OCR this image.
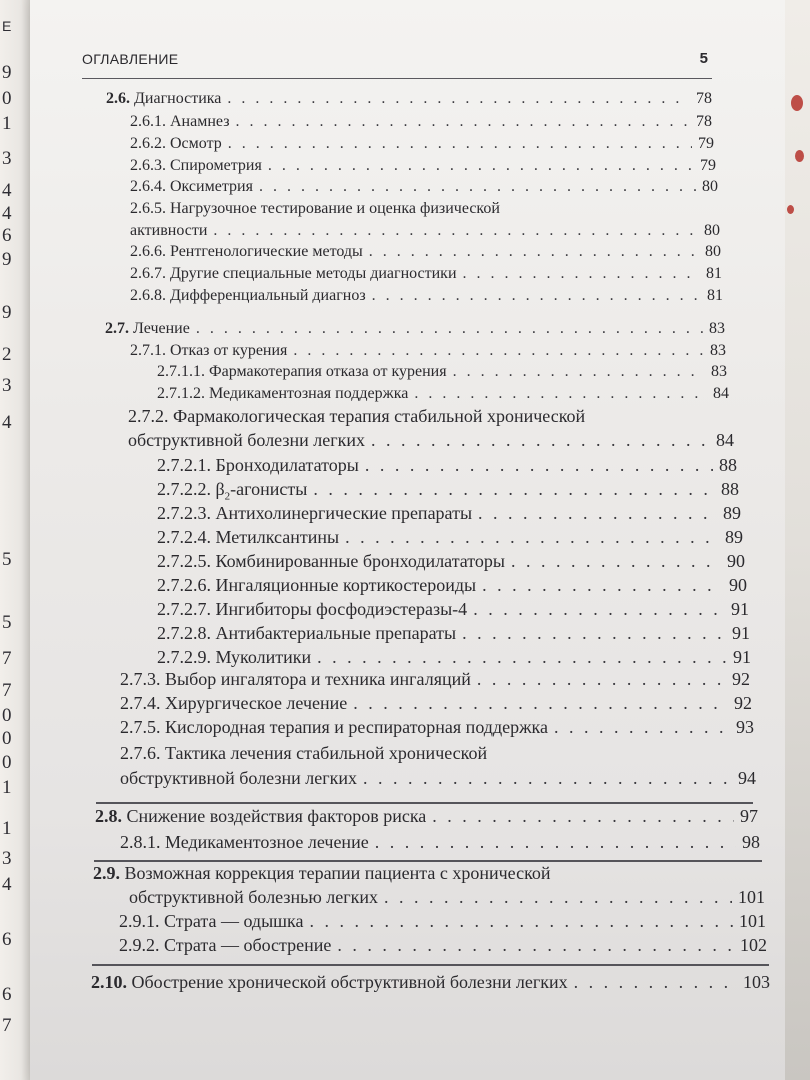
Е
9
0
1
3
4
4
6
9
9
2
3
4
5
5
7
7
0
0
0
1
1
3
4
6
6
7
ОГЛАВЛЕНИЕ	5
2.6. Диагностика . . .	78
2.6.1. Анамнез . . .	78
2.6.2. Осмотр . . .	79
2.6.3. Спирометрия . . .	79
2.6.4. Оксиметрия . . .	80
2.6.5. Нагрузочное тестирование и оценка физической
активности . . .	80
2.6.6. Рентгенологические методы . . .	80
2.6.7. Другие специальные методы диагностики . . .	81
2.6.8. Дифференциальный диагноз . . .	81
2.7. Лечение . . .	83
2.7.1. Отказ от курения . . .	83
2.7.1.1. Фармакотерапия отказа от курения . . .	83
2.7.1.2. Медикаментозная поддержка . . .	84
2.7.2. Фармакологическая терапия стабильной хронической
обструктивной болезни легких . . .	84
2.7.2.1. Бронходилататоры . . .	88
2.7.2.2. $\beta_2$-агонисты . . .	88
2.7.2.3. Антихолинергические препараты . . .	89
2.7.2.4. Метилксантины . . .	89
2.7.2.5. Комбинированные бронходилататоры . . .	90
2.7.2.6. Ингаляционные кортикостероиды . . .	90
2.7.2.7. Ингибиторы фосфодиэстеразы-4 . . .	91
2.7.2.8. Антибактериальные препараты . . .	91
2.7.2.9. Муколитики . . .	91
2.7.3. Выбор ингалятора и техника ингаляций . . .	92
2.7.4. Хирургическое лечение . . .	92
2.7.5. Кислородная терапия и респираторная поддержка . . .	93
2.7.6. Тактика лечения стабильной хронической
обструктивной болезни легких . . .	94
2.8. Снижение воздействия факторов риска . . .	97
2.8.1. Медикаментозное лечение . . .	98
2.9. Возможная коррекция терапии пациента с хронической
обструктивной болезнью легких . . .	101
2.9.1. Страта — одышка . . .	101
2.9.2. Страта — обострение . . .	102
2.10. Обострение хронической обструктивной болезни легких . . .	103
